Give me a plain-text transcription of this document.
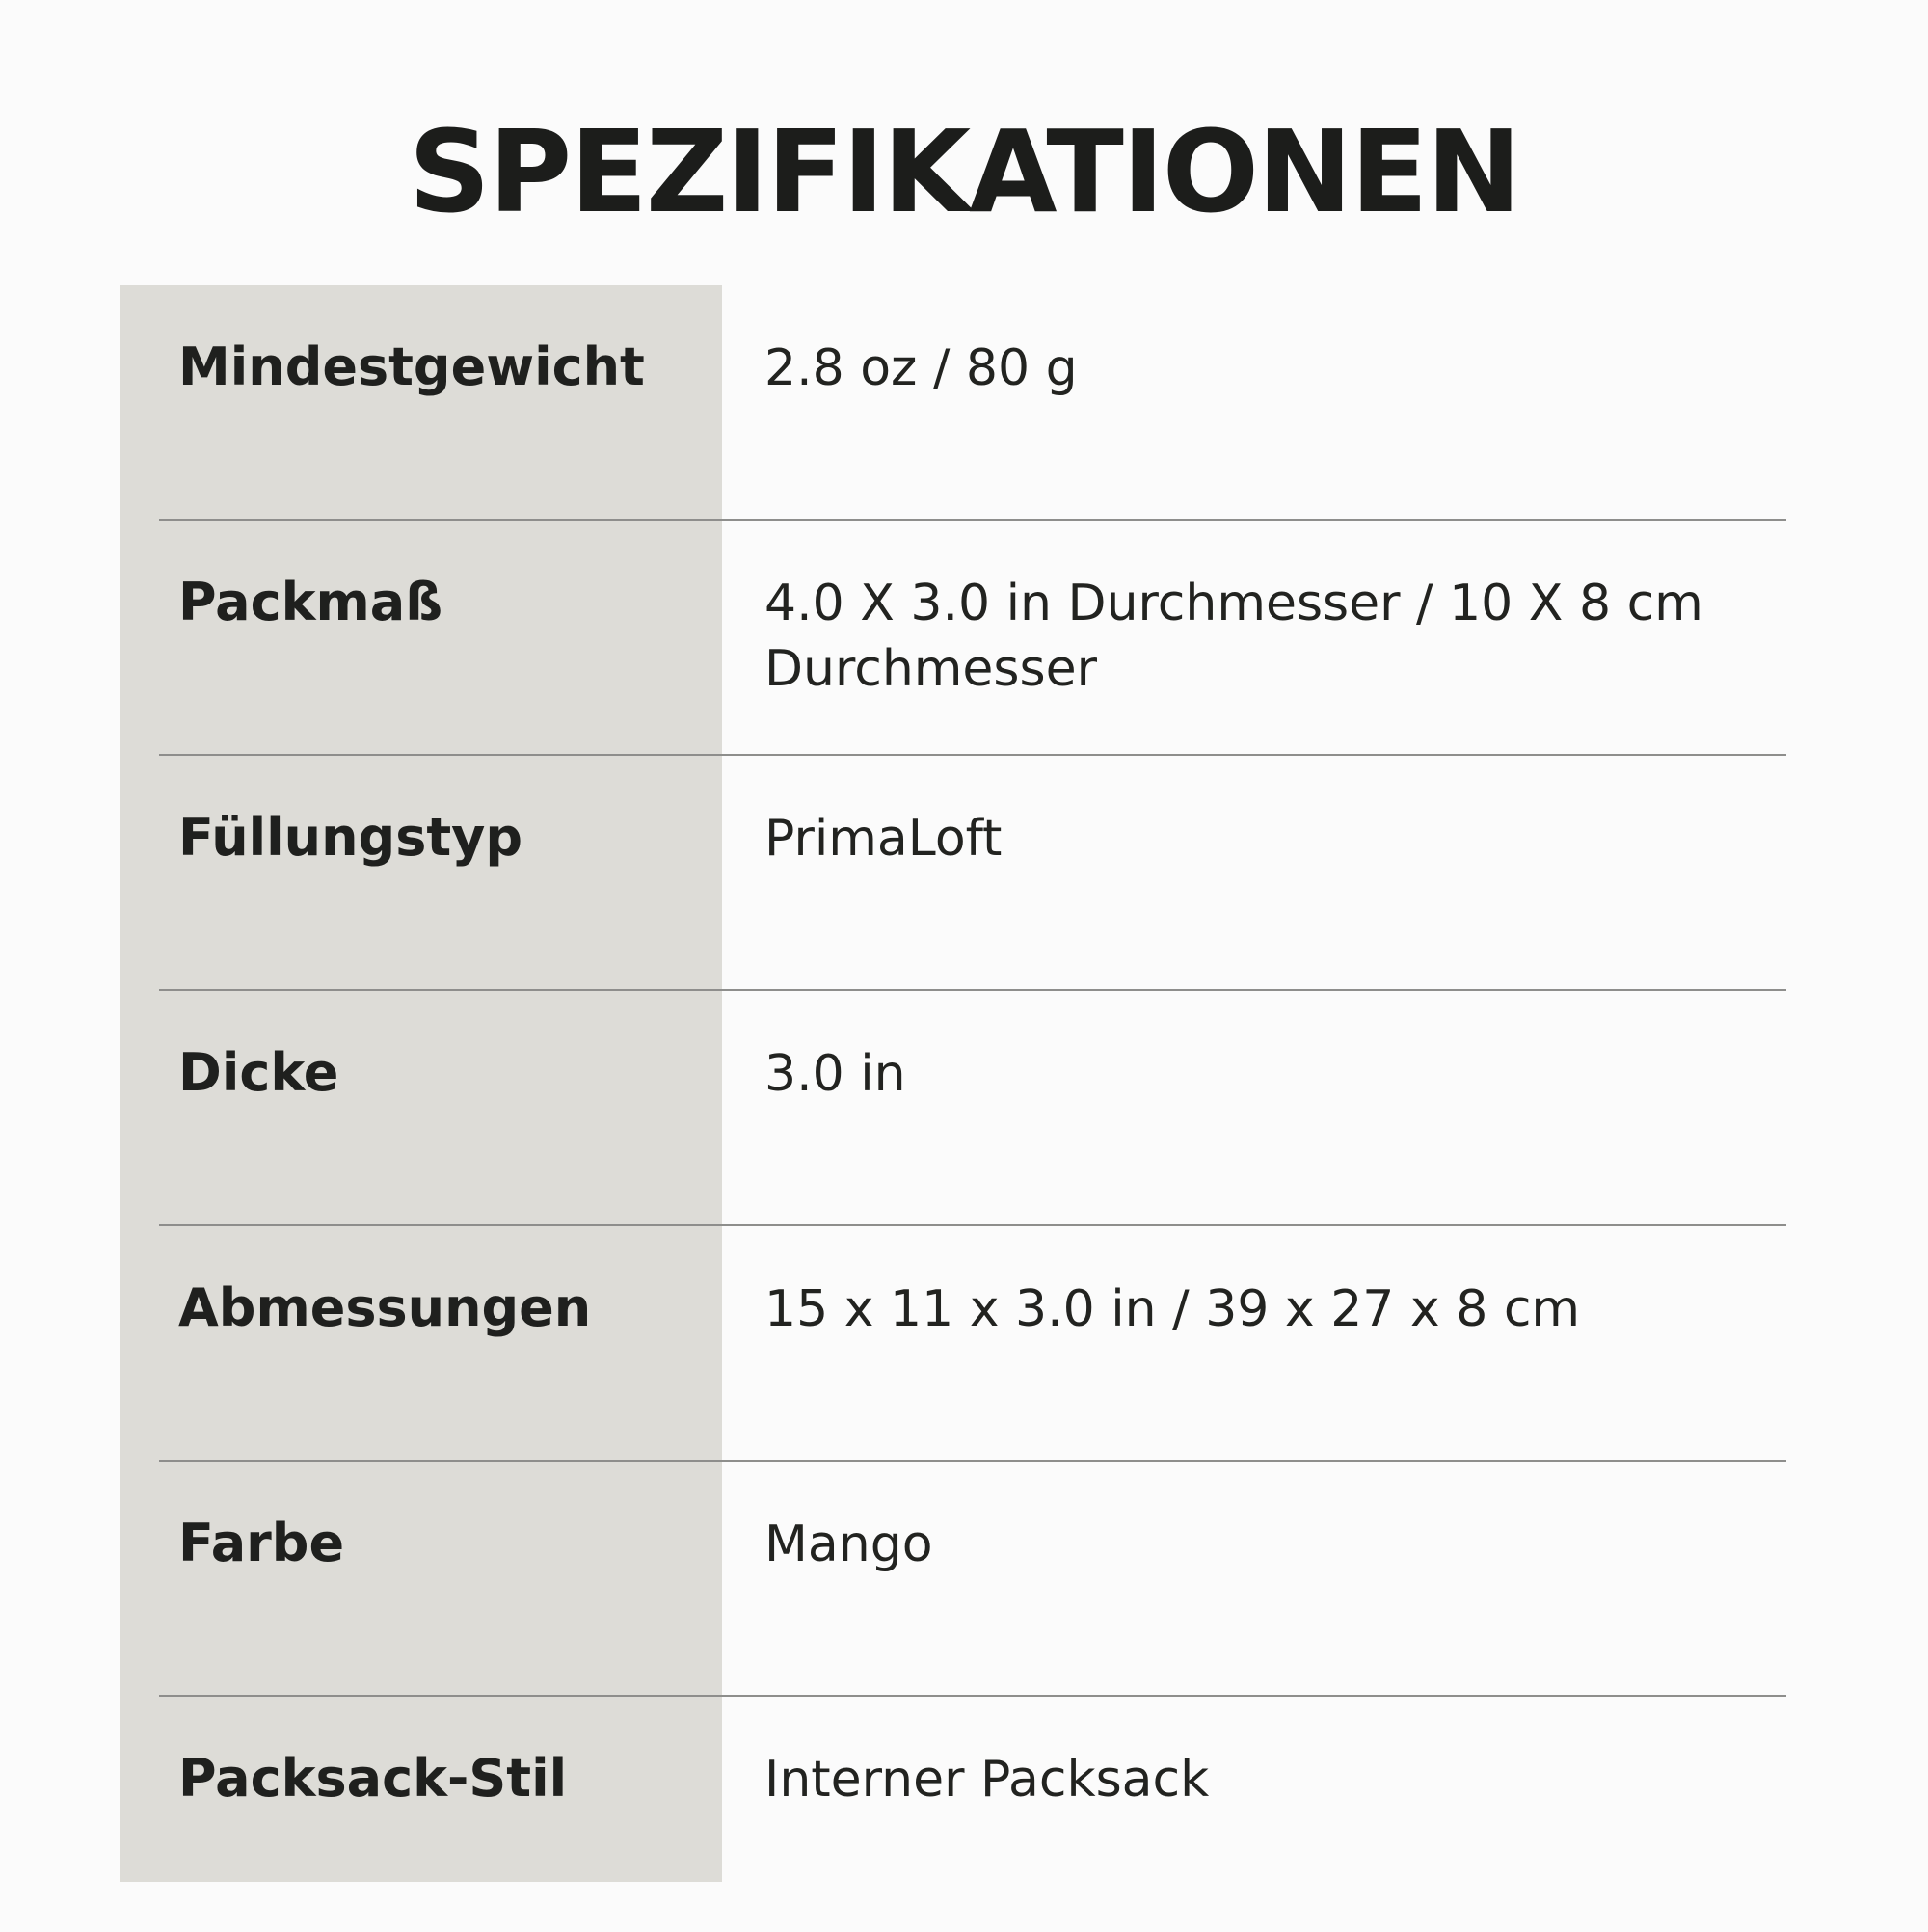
SPEZIFIKATIONEN
Mindestgewicht	2.8 oz / 80 g
Packmaß	4.0 X 3.0 in Durchmesser / 10 X 8 cm Durchmesser
Füllungstyp	PrimaLoft
Dicke	3.0 in
Abmessungen	15 x 11 x 3.0 in / 39 x 27 x 8 cm
Farbe	Mango
Packsack-Stil	Interner Packsack
